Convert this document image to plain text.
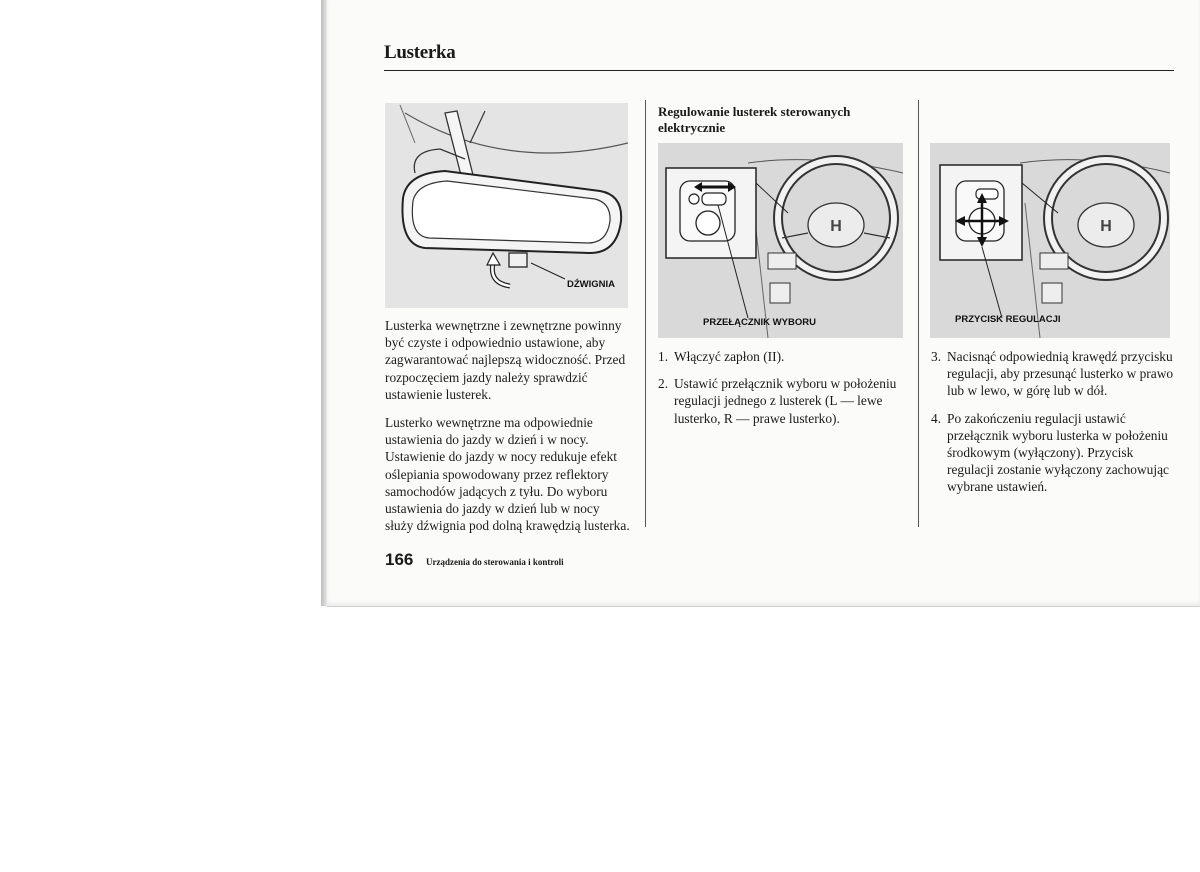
Lusterka
DŹWIGNIA

Lusterka wewnętrzne i zewnętrzne powinny być czyste i odpowiednio ustawione, aby zagwarantować najlepszą widoczność. Przed rozpoczęciem jazdy należy sprawdzić ustawienie lusterek.

Lusterko wewnętrzne ma odpowiednie ustawienia do jazdy w dzień i w nocy. Ustawienie do jazdy w nocy redukuje efekt oślepiania spowodowany przez reflektory samochodów jadących z tyłu. Do wyboru ustawienia do jazdy w dzień lub w nocy służy dźwignia pod dolną krawędzią lusterka.

Regulowanie lusterek sterowanych elektrycznie

H
PRZEŁĄCZNIK WYBORU
1. Włączyć zapłon (II).
2. Ustawić przełącznik wyboru w położeniu regulacji jednego z lusterek (L — lewe lusterko, R — prawe lusterko).
H
PRZYCISK REGULACJI
3. Nacisnąć odpowiednią krawędź przycisku regulacji, aby przesunąć lusterko w prawo lub w lewo, w górę lub w dół.
4. Po zakończeniu regulacji ustawić przełącznik wyboru lusterka w położeniu środkowym (wyłączony). Przycisk regulacji zostanie wyłączony zachowując wybrane ustawień.
166 Urządzenia do sterowania i kontroli
